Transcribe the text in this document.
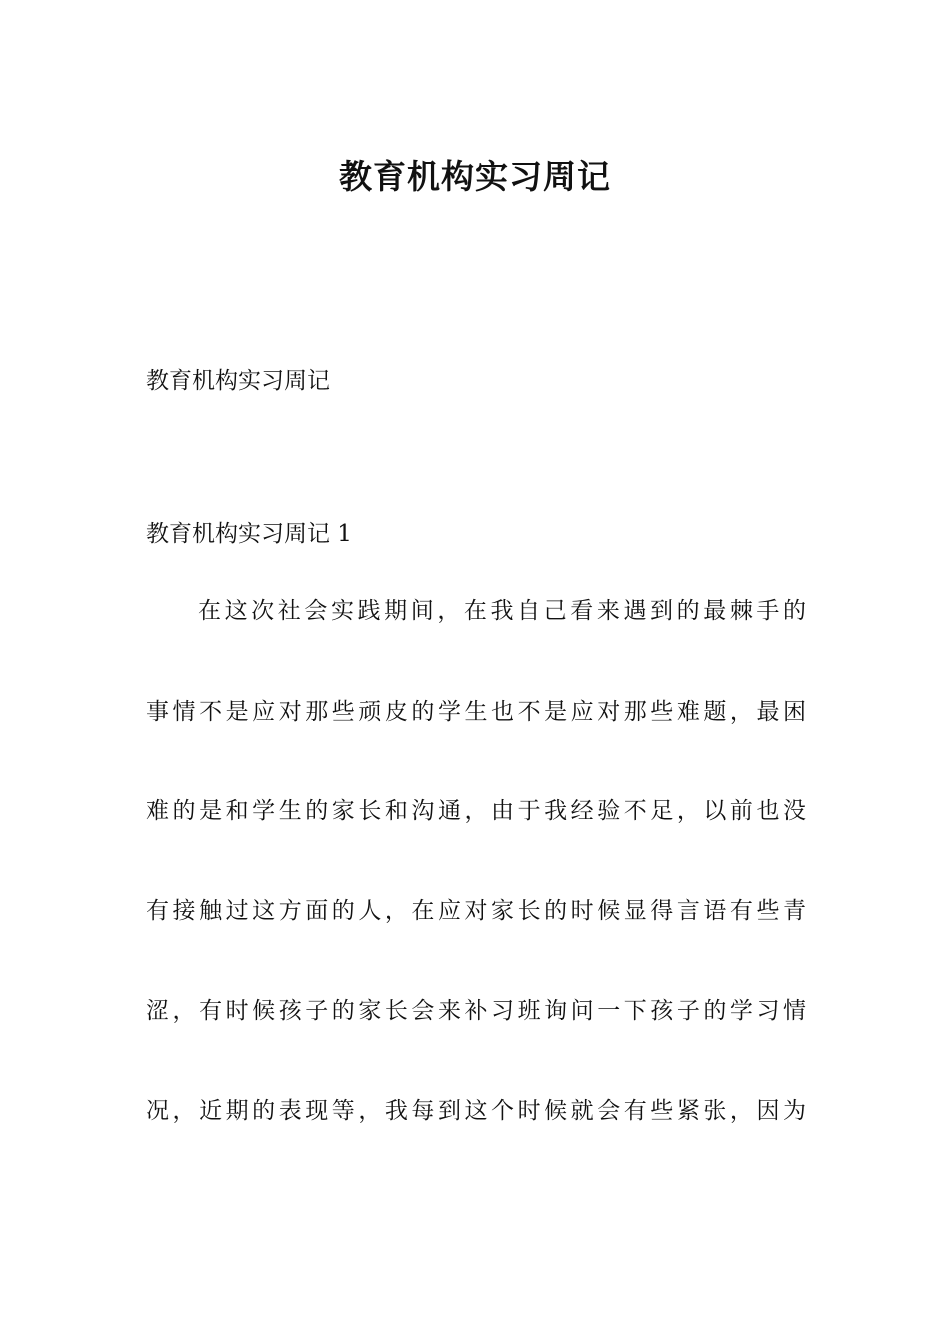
教育机构实习周记
教育机构实习周记
教育机构实习周记 1
在这次社会实践期间，在我自己看来遇到的最棘手的
事情不是应对那些顽皮的学生也不是应对那些难题，最困
难的是和学生的家长和沟通，由于我经验不足，以前也没
有接触过这方面的人，在应对家长的时候显得言语有些青
涩，有时候孩子的家长会来补习班询问一下孩子的学习情
况，近期的表现等，我每到这个时候就会有些紧张，因为
